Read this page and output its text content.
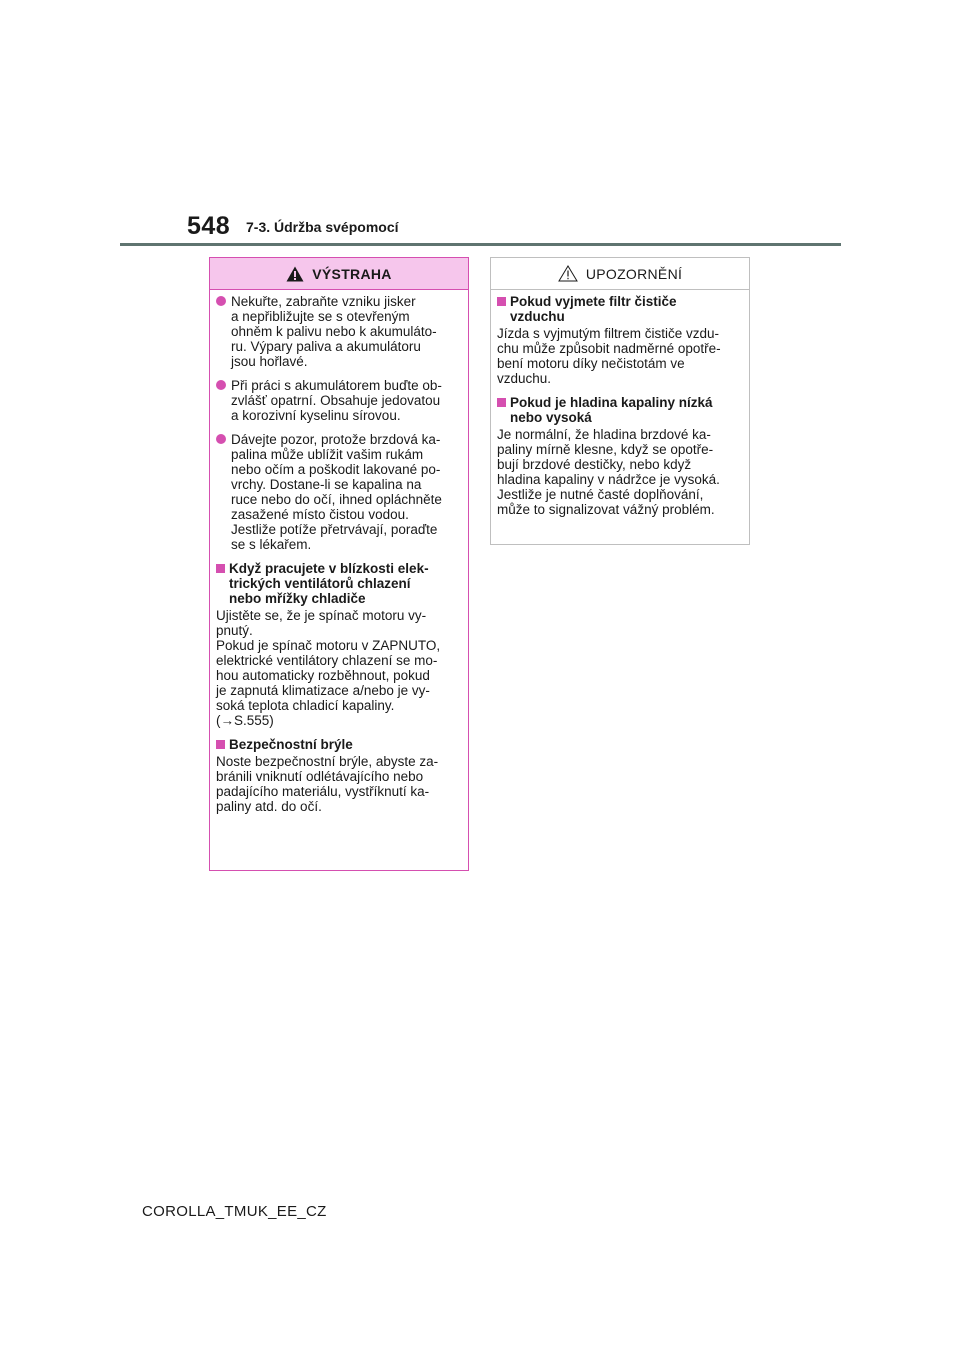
548 7-3. Údržba svépomocí
VÝSTRAHA
Nekuřte, zabraňte vzniku jisker
a nepřibližujte se s otevřeným
ohněm k palivu nebo k akumuláto-
ru. Výpary paliva a akumulátoru
jsou hořlavé.
Při práci s akumulátorem buďte ob-
zvlášť opatrní. Obsahuje jedovatou
a korozivní kyselinu sírovou.
Dávejte pozor, protože brzdová ka-
palina může ublížit vašim rukám
nebo očím a poškodit lakované po-
vrchy. Dostane-li se kapalina na
ruce nebo do očí, ihned opláchněte
zasažené místo čistou vodou.
Jestliže potíže přetrvávají, poraďte
se s lékařem.
Když pracujete v blízkosti elek-
trických ventilátorů chlazení
nebo mřížky chladiče
Ujistěte se, že je spínač motoru vy-
pnutý.
Pokud je spínač motoru v ZAPNUTO,
elektrické ventilátory chlazení se mo-
hou automaticky rozběhnout, pokud
je zapnutá klimatizace a/nebo je vy-
soká teplota chladicí kapaliny.
(→S.555)
Bezpečnostní brýle
Noste bezpečnostní brýle, abyste za-
bránili vniknutí odlétávajícího nebo
padajícího materiálu, vystříknutí ka-
paliny atd. do očí.
UPOZORNĚNÍ
Pokud vyjmete filtr čističe
vzduchu
Jízda s vyjmutým filtrem čističe vzdu-
chu může způsobit nadměrné opotře-
bení motoru díky nečistotám ve
vzduchu.
Pokud je hladina kapaliny nízká
nebo vysoká
Je normální, že hladina brzdové ka-
paliny mírně klesne, když se opotře-
bují brzdové destičky, nebo když
hladina kapaliny v nádržce je vysoká.
Jestliže je nutné časté doplňování,
může to signalizovat vážný problém.
COROLLA_TMUK_EE_CZ
